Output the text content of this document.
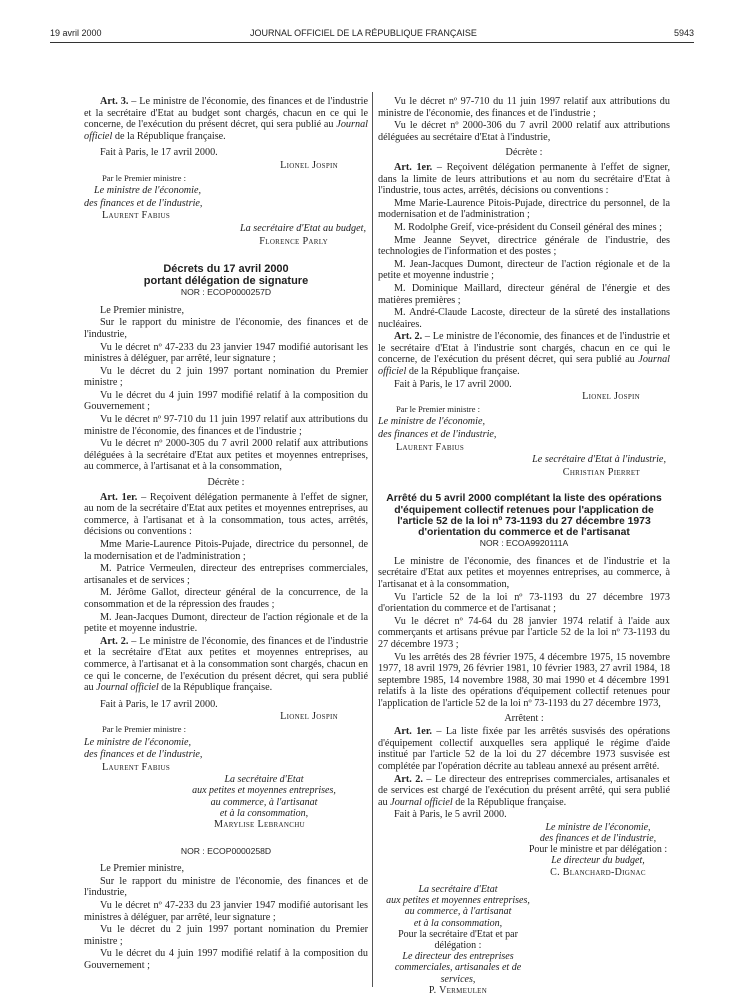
19 avril 2000	JOURNAL OFFICIEL DE LA RÉPUBLIQUE FRANÇAISE	5943

Art. 3. – Le ministre de l'économie, des finances et de l'industrie et la secrétaire d'Etat au budget sont chargés, chacun en ce qui le concerne, de l'exécution du présent décret, qui sera publié au Journal officiel de la République française.

Fait à Paris, le 17 avril 2000.

Lionel Jospin

Par le Premier ministre :

Le ministre de l'économie,

des finances et de l'industrie,

Laurent Fabius

La secrétaire d'Etat au budget,

Florence Parly

Décrets du 17 avril 2000
portant délégation de signature
NOR : ECOP0000257D

Le Premier ministre,

Sur le rapport du ministre de l'économie, des finances et de l'industrie,

Vu le décret nº 47-233 du 23 janvier 1947 modifié autorisant les ministres à déléguer, par arrêté, leur signature ;

Vu le décret du 2 juin 1997 portant nomination du Premier ministre ;

Vu le décret du 4 juin 1997 modifié relatif à la composition du Gouvernement ;

Vu le décret nº 97-710 du 11 juin 1997 relatif aux attributions du ministre de l'économie, des finances et de l'industrie ;

Vu le décret nº 2000-305 du 7 avril 2000 relatif aux attributions déléguées à la secrétaire d'Etat aux petites et moyennes entreprises, au commerce, à l'artisanat et à la consommation,

Décrète :

Art. 1er. – Reçoivent délégation permanente à l'effet de signer, au nom de la secrétaire d'Etat aux petites et moyennes entreprises, au commerce, à l'artisanat et à la consommation, tous actes, arrêtés, décisions ou conventions :

Mme Marie-Laurence Pitois-Pujade, directrice du personnel, de la modernisation et de l'administration ;

M. Patrice Vermeulen, directeur des entreprises commerciales, artisanales et de services ;

M. Jérôme Gallot, directeur général de la concurrence, de la consommation et de la répression des fraudes ;

M. Jean-Jacques Dumont, directeur de l'action régionale et de la petite et moyenne industrie.

Art. 2. – Le ministre de l'économie, des finances et de l'industrie et la secrétaire d'Etat aux petites et moyennes entreprises, au commerce, à l'artisanat et à la consommation sont chargés, chacun en ce qui le concerne, de l'exécution du présent décret, qui sera publié au Journal officiel de la République française.

Fait à Paris, le 17 avril 2000.

Lionel Jospin

Par le Premier ministre :

Le ministre de l'économie,

des finances et de l'industrie,

Laurent Fabius

La secrétaire d'Etat
aux petites et moyennes entreprises,
au commerce, à l'artisanat
et à la consommation,

Marylise Lebranchu

NOR : ECOP0000258D

Le Premier ministre,

Sur le rapport du ministre de l'économie, des finances et de l'industrie,

Vu le décret nº 47-233 du 23 janvier 1947 modifié autorisant les ministres à déléguer, par arrêté, leur signature ;

Vu le décret du 2 juin 1997 portant nomination du Premier ministre ;

Vu le décret du 4 juin 1997 modifié relatif à la composition du Gouvernement ;

Vu le décret nº 97-710 du 11 juin 1997 relatif aux attributions du ministre de l'économie, des finances et de l'industrie ;

Vu le décret nº 2000-306 du 7 avril 2000 relatif aux attributions déléguées au secrétaire d'Etat à l'industrie,

Décrète :

Art. 1er. – Reçoivent délégation permanente à l'effet de signer, dans la limite de leurs attributions et au nom du secrétaire d'Etat à l'industrie, tous actes, arrêtés, décisions ou conventions :

Mme Marie-Laurence Pitois-Pujade, directrice du personnel, de la modernisation et de l'administration ;

M. Rodolphe Greif, vice-président du Conseil général des mines ;

Mme Jeanne Seyvet, directrice générale de l'industrie, des technologies de l'information et des postes ;

M. Jean-Jacques Dumont, directeur de l'action régionale et de la petite et moyenne industrie ;

M. Dominique Maillard, directeur général de l'énergie et des matières premières ;

M. André-Claude Lacoste, directeur de la sûreté des installations nucléaires.

Art. 2. – Le ministre de l'économie, des finances et de l'industrie et le secrétaire d'Etat à l'industrie sont chargés, chacun en ce qui le concerne, de l'exécution du présent décret, qui sera publié au Journal officiel de la République française.

Fait à Paris, le 17 avril 2000.

Lionel Jospin

Par le Premier ministre :

Le ministre de l'économie,

des finances et de l'industrie,

Laurent Fabius

Le secrétaire d'Etat à l'industrie,

Christian Pierret

Arrêté du 5 avril 2000 complétant la liste des opérations
d'équipement collectif retenues pour l'application de
l'article 52 de la loi nº 73-1193 du 27 décembre 1973
d'orientation du commerce et de l'artisanat
NOR : ECOA9920111A

Le ministre de l'économie, des finances et de l'industrie et la secrétaire d'Etat aux petites et moyennes entreprises, au commerce, à l'artisanat et à la consommation,

Vu l'article 52 de la loi nº 73-1193 du 27 décembre 1973 d'orientation du commerce et de l'artisanat ;

Vu le décret nº 74-64 du 28 janvier 1974 relatif à l'aide aux commerçants et artisans prévue par l'article 52 de la loi nº 73-1193 du 27 décembre 1973 ;

Vu les arrêtés des 28 février 1975, 4 décembre 1975, 15 novembre 1977, 18 avril 1979, 26 février 1981, 10 février 1983, 27 avril 1984, 18 septembre 1985, 14 novembre 1988, 30 mai 1990 et 4 décembre 1991 relatifs à la liste des opérations d'équipement collectif retenues pour l'application de l'article 52 de la loi nº 73-1193 du 27 décembre 1973,

Arrêtent :

Art. 1er. – La liste fixée par les arrêtés susvisés des opérations d'équipement collectif auxquelles sera appliqué le régime d'aide institué par l'article 52 de la loi du 27 décembre 1973 susvisée est complétée par l'opération décrite au tableau annexé au présent arrêté.

Art. 2. – Le directeur des entreprises commerciales, artisanales et de services est chargé de l'exécution du présent arrêté, qui sera publié au Journal officiel de la République française.

Fait à Paris, le 5 avril 2000.

Le ministre de l'économie,
des finances et de l'industrie,
Pour le ministre et par délégation :
Le directeur du budget,
C. Blanchard-Dignac
La secrétaire d'Etat
aux petites et moyennes entreprises,
au commerce, à l'artisanat
et à la consommation,
Pour la secrétaire d'Etat et par délégation :
Le directeur des entreprises
commerciales, artisanales et de services,
P. Vermeulen
